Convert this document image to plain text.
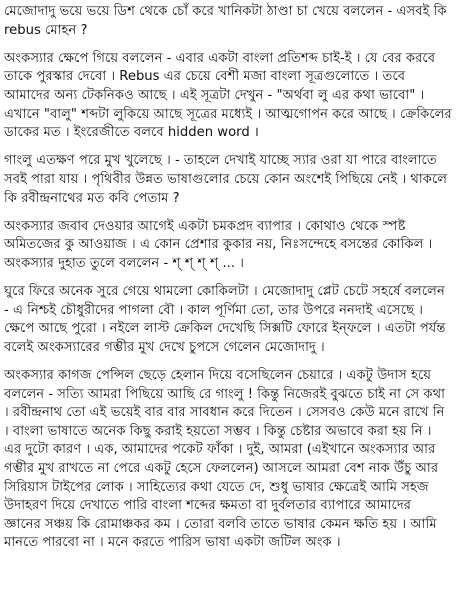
মেজোদাদু ভয়ে ভয়ে ডিশ থেকে চোঁ করে খানিকটা ঠাণ্ডা চা খেয়ে বললেন - এসবই কি rebus মোহন ?

অংকস্যার ক্ষেপে গিয়ে বললেন - এবার একটা বাংলা প্রতিশব্দ চাই-ই । যে বের করবে তাকে পুরস্কার দেবো । Rebus এর চেয়ে বেশী মজা বাংলা সূত্রগুলোতে । তবে আমাদের অন্য টেকনিকও আছে । এই সূত্রটা দেখুন - "অর্থবা লু এর কথা ভাবো" । এখানে "বালু" শব্দটা লুকিয়ে আছে সূত্রের মধ্যেই । আত্মগোপন করে আছে । ক্রেকিলের ডাকের মত । ইংরেজীতে বলবে hidden word ।

গাংলু এতক্ষণ পরে মুখ খুলেছে । - তাহলে দেখাই যাচ্ছে স্যার ওরা যা পারে বাংলাতে সবই পারা যায় । পৃথিবীর উন্নত ভাষাগুলোর চেয়ে কোন অংশেই পিছিয়ে নেই । থাকলে কি রবীন্দ্রনাথের মত কবি পেতাম ?

অংকস্যার জবাব দেওয়ার আগেই একটা চমকপ্রদ ব্যাপার । কোথাও থেকে স্পষ্ট অমিতজের কু আওয়াজ । এ কোন প্রেশার কুকার নয়, নিঃসন্দেহে বসন্তের কোকিল । অংকস্যার দুহাত তুলে বললেন - শ্ শ্ শ্ শ্ ... ।

ঘুরে ফিরে অনেক সুরে গেয়ে থামলো কোকিলটা । মেজোদাদু প্লেট চেটে সহর্ষে বললেন - এ নিশ্চই চৌধুরীদের পাগলা বৌ । কাল পূর্ণিমা তো, তার উপরে ননদাই এসেছে । ক্ষেপে আছে পুরো । নইলে লাস্ট ক্রেকিল দেখেছি সিক্সটি ফোরে ইন্ফলে । এতটা পর্যন্ত বলেই অংকস্যারের গম্ভীর মুখ দেখে চুপসে গেলেন মেজোদাদু ।

অংকস্যার কাগজ পেন্সিল ছেড়ে হেলান দিয়ে বসেছিলেন চেয়ারে । একটু উদাস হয়ে বললেন - সত্যি আমরা পিছিয়ে আছি রে গাংলু ! কিন্তু নিজেরই বুঝতে চাই না সে কথা । রবীন্দ্রনাথ তো এই ভয়েই বার বার সাবধান করে দিতেন । সেসবও কেউ মনে রাখে নি । বাংলা ভাষাতে অনেক কিছু করাই হয়তো সম্ভব । কিন্তু চেষ্টার অভাবে করা হয় নি । এর দুটো কারণ । এক, আমাদের পকেট ফাঁকা । দুই, আমরা (এইখানে অংকস্যার আর গম্ভীর মুখ রাখতে না পেরে একটু হেসে ফেললেন) আসলে আমরা বেশ নাক উঁচু আর সিরিয়াস টাইপের লোক । সাহিত্যের কথা যেতে দে, শুধু ভাষার ক্ষেত্রেই আমি সহজ উদাহরণ দিয়ে দেখাতে পারি বাংলা শব্দের ক্ষমতা বা দুর্বলতার ব্যাপারে আমাদের জ্ঞানের সঞ্চয় কি রোমাঞ্চকর কম । তোরা বলবি তাতে ভাষার কেমন ক্ষতি হয় । আমি মানতে পারবো না । মনে করতে পারিস ভাষা একটা জটিল অংক ।
